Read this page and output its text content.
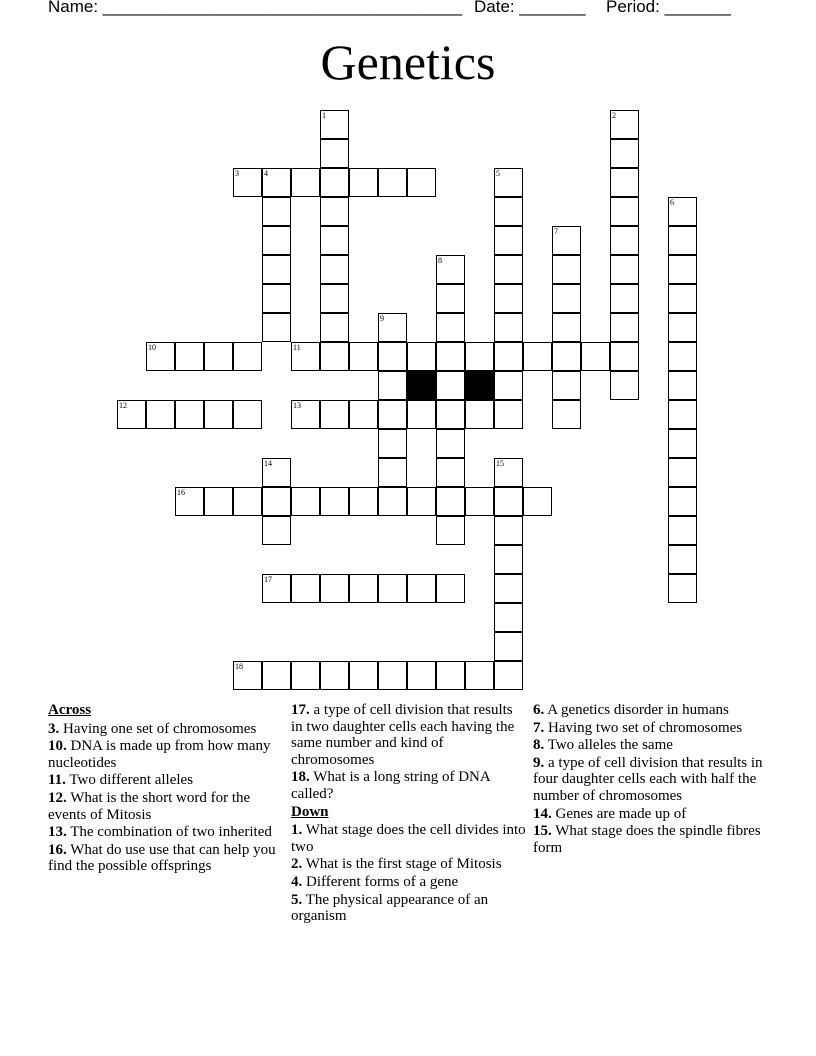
Name: ______________________________________ Date: _______ Period: _______
Genetics
1	2
3	4	5
6
7
8
9
10	11
12	13
14	15
16
17
18
Across
3. Having one set of chromosomes
10. DNA is made up from how many nucleotides
11. Two different alleles
12. What is the short word for the events of Mitosis
13. The combination of two inherited
16. What do use use that can help you find the possible offsprings
17. a type of cell division that results in two daughter cells each having the same number and kind of chromosomes
18. What is a long string of DNA called?
Down
1. What stage does the cell divides into two
2. What is the first stage of Mitosis
4. Different forms of a gene
5. The physical appearance of an organism
6. A genetics disorder in humans
7. Having two set of chromosomes
8. Two alleles the same
9. a type of cell division that results in four daughter cells each with half the number of chromosomes
14. Genes are made up of
15. What stage does the spindle fibres form
